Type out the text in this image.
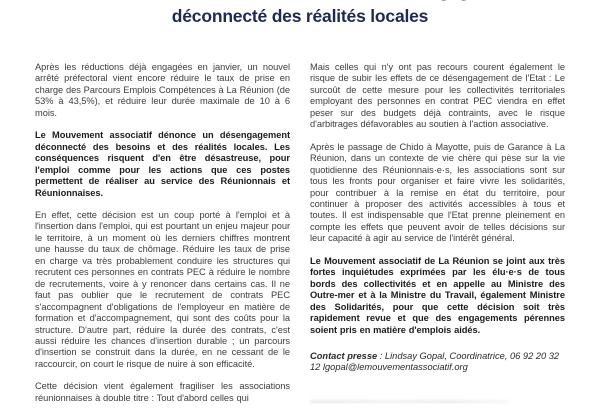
déconnecté des réalités locales

Après les réductions déjà engagées en janvier, un nouvel arrêté préfectoral vient encore réduire le taux de prise en charge des Parcours Emplois Compétences à La Réunion (de 53% à 43,5%), et réduire leur durée maximale de 10 à 6 mois.

Le Mouvement associatif dénonce un désengagement déconnecté des besoins et des réalités locales. Les conséquences risquent d'en être désastreuse, pour l'emploi comme pour les actions que ces postes permettent de réaliser au service des Réunionnais et Réunionnaises.

En effet, cette décision est un coup porté à l'emploi et à l'insertion dans l'emploi, qui est pourtant un enjeu majeur pour le territoire, à un moment où les derniers chiffres montrent une hausse du taux de chômage. Réduire les taux de prise en charge va très probablement conduire les structures qui recrutent ces personnes en contrats PEC à réduire le nombre de recrutements, voire à y renoncer dans certains cas. Il ne faut pas oublier que le recrutement de contrats PEC s'accompagnent d'obligations de l'employeur en matière de formation et d'accompagnement, qui sont des coûts pour la structure. D'autre part, réduire la durée des contrats, c'est aussi réduire les chances d'insertion durable ; un parcours d'insertion se construit dans la durée, en ne cessant de le raccourcir, on court le risque de nuire à son efficacité.

Cette décision vient également fragiliser les associations réunionnaises à double titre : Tout d'abord celles qui

Mais celles qui n'y ont pas recours courent également le risque de subir les effets de ce désengagement de l'Etat : Le surcoût de cette mesure pour les collectivités territoriales employant des personnes en contrat PEC viendra en effet peser sur des budgets déjà contraints, avec le risque d'arbitrages défavorables au soutien à l'action associative.

Après le passage de Chido à Mayotte, puis de Garance à La Réunion, dans un contexte de vie chère qui pèse sur la vie quotidienne des Réunionnais·e·s, les associations sont sur tous les fronts pour organiser et faire vivre les solidarités, pour contribuer à la remise en état du territoire, pour continuer à proposer des activités accessibles à tous et toutes. Il est indispensable que l'Etat prenne pleinement en compte les effets que peuvent avoir de telles décisions sur leur capacité à agir au service de l'intérêt général.

Le Mouvement associatif de La Réunion se joint aux très fortes inquiétudes exprimées par les élu·e·s de tous bords des collectivités et en appelle au Ministre des Outre-mer et à la Ministre du Travail, également Ministre des Solidarités, pour que cette décision soit très rapidement revue et que des engagements pérennes soient pris en matière d'emplois aidés.

Contact presse : Lindsay Gopal, Coordinatrice, 06 92 20 32 12 lgopal@lemouvementassociatif.org
